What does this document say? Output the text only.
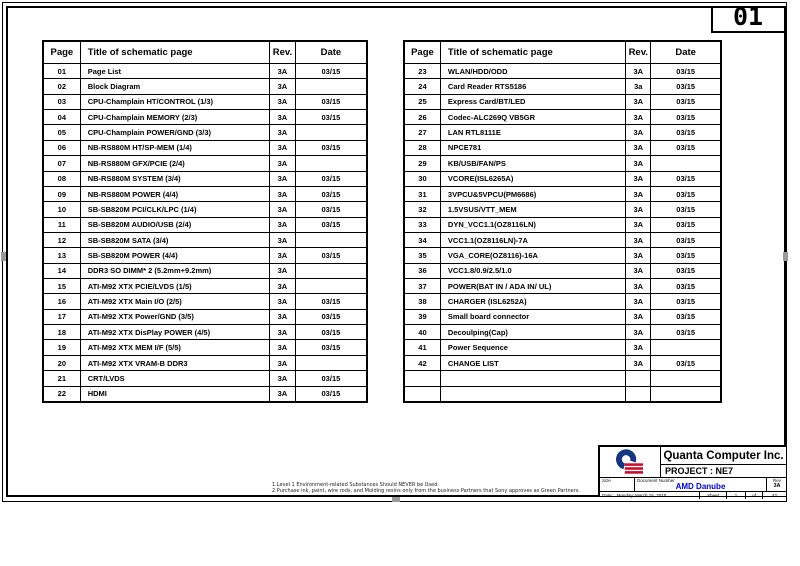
01
Page	Title of schematic page	Rev.	Date
01	Page List	3A	03/15
02	Block Diagram	3A
03	CPU-Champlain HT/CONTROL (1/3)	3A	03/15
04	CPU-Champlain MEMORY (2/3)	3A	03/15
05	CPU-Champlain POWER/GND (3/3)	3A
06	NB-RS880M HT/SP-MEM (1/4)	3A	03/15
07	NB-RS880M GFX/PCIE (2/4)	3A
08	NB-RS880M SYSTEM (3/4)	3A	03/15
09	NB-RS880M POWER (4/4)	3A	03/15
10	SB-SB820M PCI/CLK/LPC (1/4)	3A	03/15
11	SB-SB820M AUDIO/USB (2/4)	3A	03/15
12	SB-SB820M SATA (3/4)	3A
13	SB-SB820M POWER (4/4)	3A	03/15
14	DDR3 SO DIMM* 2 (5.2mm+9.2mm)	3A
15	ATI-M92 XTX PCIE/LVDS (1/5)	3A
16	ATI-M92 XTX Main I/O (2/5)	3A	03/15
17	ATI-M92 XTX Power/GND (3/5)	3A	03/15
18	ATI-M92 XTX DisPlay POWER (4/5)	3A	03/15
19	ATI-M92 XTX MEM I/F (5/5)	3A	03/15
20	ATI-M92 XTX VRAM-B DDR3	3A
21	CRT/LVDS	3A	03/15
22	HDMI	3A	03/15
Page	Title of schematic page	Rev.	Date
23	WLAN/HDD/ODD	3A	03/15
24	Card Reader RTS5186	3a	03/15
25	Express Card/BT/LED	3A	03/15
26	Codec-ALC269Q VB5GR	3A	03/15
27	LAN RTL8111E	3A	03/15
28	NPCE781	3A	03/15
29	KB/USB/FAN/PS	3A
30	VCORE(ISL6265A)	3A	03/15
31	3VPCU&5VPCU(PM6686)	3A	03/15
32	1.5VSUS/VTT_MEM	3A	03/15
33	DYN_VCC1.1(OZ8116LN)	3A	03/15
34	VCC1.1(OZ8116LN)-7A	3A	03/15
35	VGA_CORE(OZ8116)-16A	3A	03/15
36	VCC1.8/0.9/2.5/1.0	3A	03/15
37	POWER(BAT IN / ADA IN/ UL)	3A	03/15
38	CHARGER (ISL6252A)	3A	03/15
39	Small board connector	3A	03/15
40	Decoulping(Cap)	3A	03/15
41	Power Sequence	3A
42	CHANGE LIST	3A	03/15
1.Level 1 Environment-related Substances Should NEVER be Used.
2.Purchase ink, paint, wire rods, and Molding resins only from the business Partners that Sony approves as Green Partners.
Quanta Computer Inc.
PROJECT : NE7
Size	Document Number
AMD Danube
Rev
3A
Date: Monday, March 15, 2010	Sheet	1	of	42
